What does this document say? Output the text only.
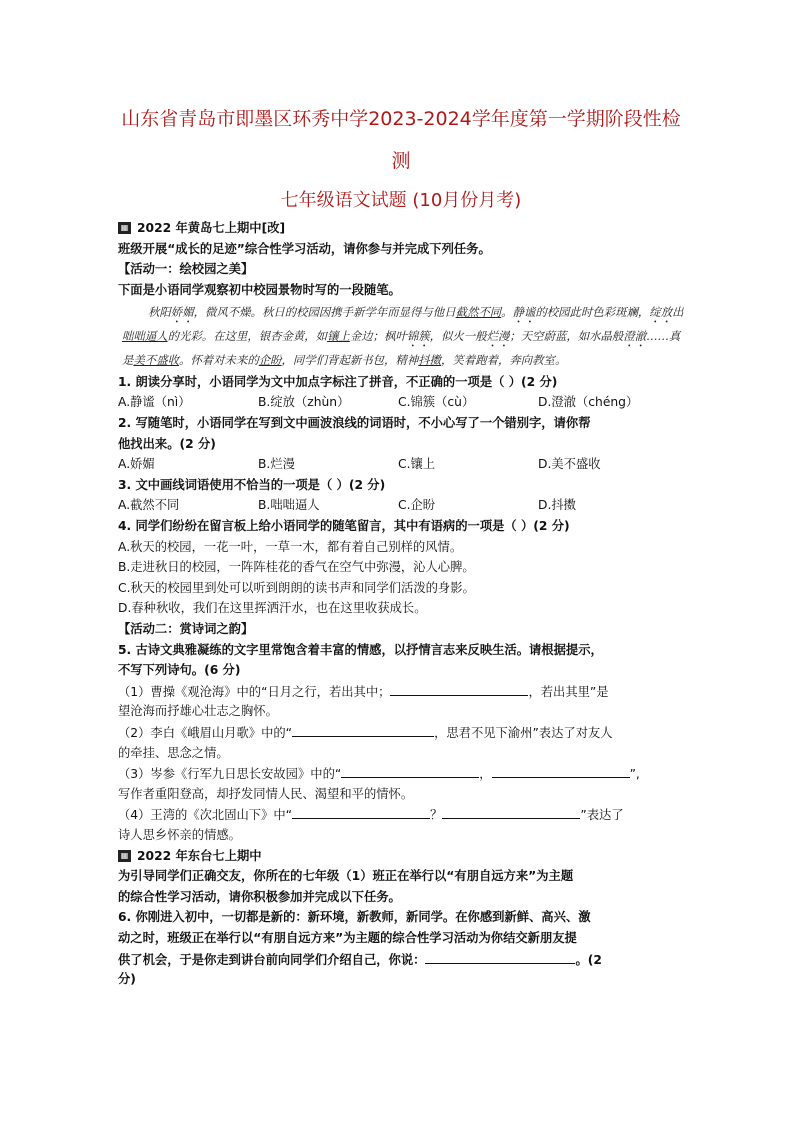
山东省青岛市即墨区环秀中学2023-2024学年度第一学期阶段性检
测
七年级语文试题 (10月份月考)
▦ 2022 年黄岛七上期中[改]
班级开展“成长的足迹”综合性学习活动，请你参与并完成下列任务。
【活动一：绘校园之美】
下面是小语同学观察初中校园景物时写的一段随笔。

秋阳娇媚，微风不燥。秋日的校园因携手新学年而显得与他日截然不同。静谧的校园此时色彩斑斓，绽放出咄咄逼人的光彩。在这里，银杏金黄，如镶上金边；枫叶锦簇，似火一般烂漫；天空蔚蓝，如水晶般澄澈……真是美不盛收。怀着对未来的企盼，同学们背起新书包，精神抖擞，笑着跑着，奔向教室。

1. 朗读分享时，小语同学为文中加点字标注了拼音，不正确的一项是（ ）(2 分)
A.静谧（nì）	B.绽放（zhùn）	C.锦簇（cù）	D.澄澈（chéng）
2. 写随笔时，小语同学在写到文中画波浪线的词语时，不小心写了一个错别字，请你帮
他找出来。(2 分)
A.娇媚	B.烂漫	C.镶上	D.美不盛收
3. 文中画线词语使用不恰当的一项是（ ）(2 分)
A.截然不同	B.咄咄逼人	C.企盼	D.抖擞
4. 同学们纷纷在留言板上给小语同学的随笔留言，其中有语病的一项是（ ）(2 分)
A.秋天的校园，一花一叶，一草一木，都有着自己别样的风情。
B.走进秋日的校园，一阵阵桂花的香气在空气中弥漫，沁人心脾。
C.秋天的校园里到处可以听到朗朗的读书声和同学们活泼的身影。
D.春种秋收，我们在这里挥洒汗水，也在这里收获成长。
【活动二：赏诗词之韵】
5. 古诗文典雅凝练的文字里常饱含着丰富的情感，以抒情言志来反映生活。请根据提示，
不写下列诗句。(6 分)
（1）曹操《观沧海》中的“日月之行，若出其中；	，若出其里”是
望沧海而抒雄心壮志之胸怀。
（2）李白《峨眉山月歌》中的“	，思君不见下渝州”表达了对友人
的牵挂、思念之情。
（3）岑参《行军九日思长安故园》中的“	，	”,
写作者重阳登高，却抒发同情人民、渴望和平的情怀。
（4）王湾的《次北固山下》中“	？	”表达了
诗人思乡怀亲的情感。
▦ 2022 年东台七上期中
为引导同学们正确交友，你所在的七年级（1）班正在举行以“有朋自远方来”为主题
的综合性学习活动，请你积极参加并完成以下任务。
6. 你刚进入初中，一切都是新的：新环境，新教师，新同学。在你感到新鲜、高兴、激
动之时，班级正在举行以“有朋自远方来”为主题的综合性学习活动为你结交新朋友提
供了机会，于是你走到讲台前向同学们介绍自己，你说：	。(2
分)
